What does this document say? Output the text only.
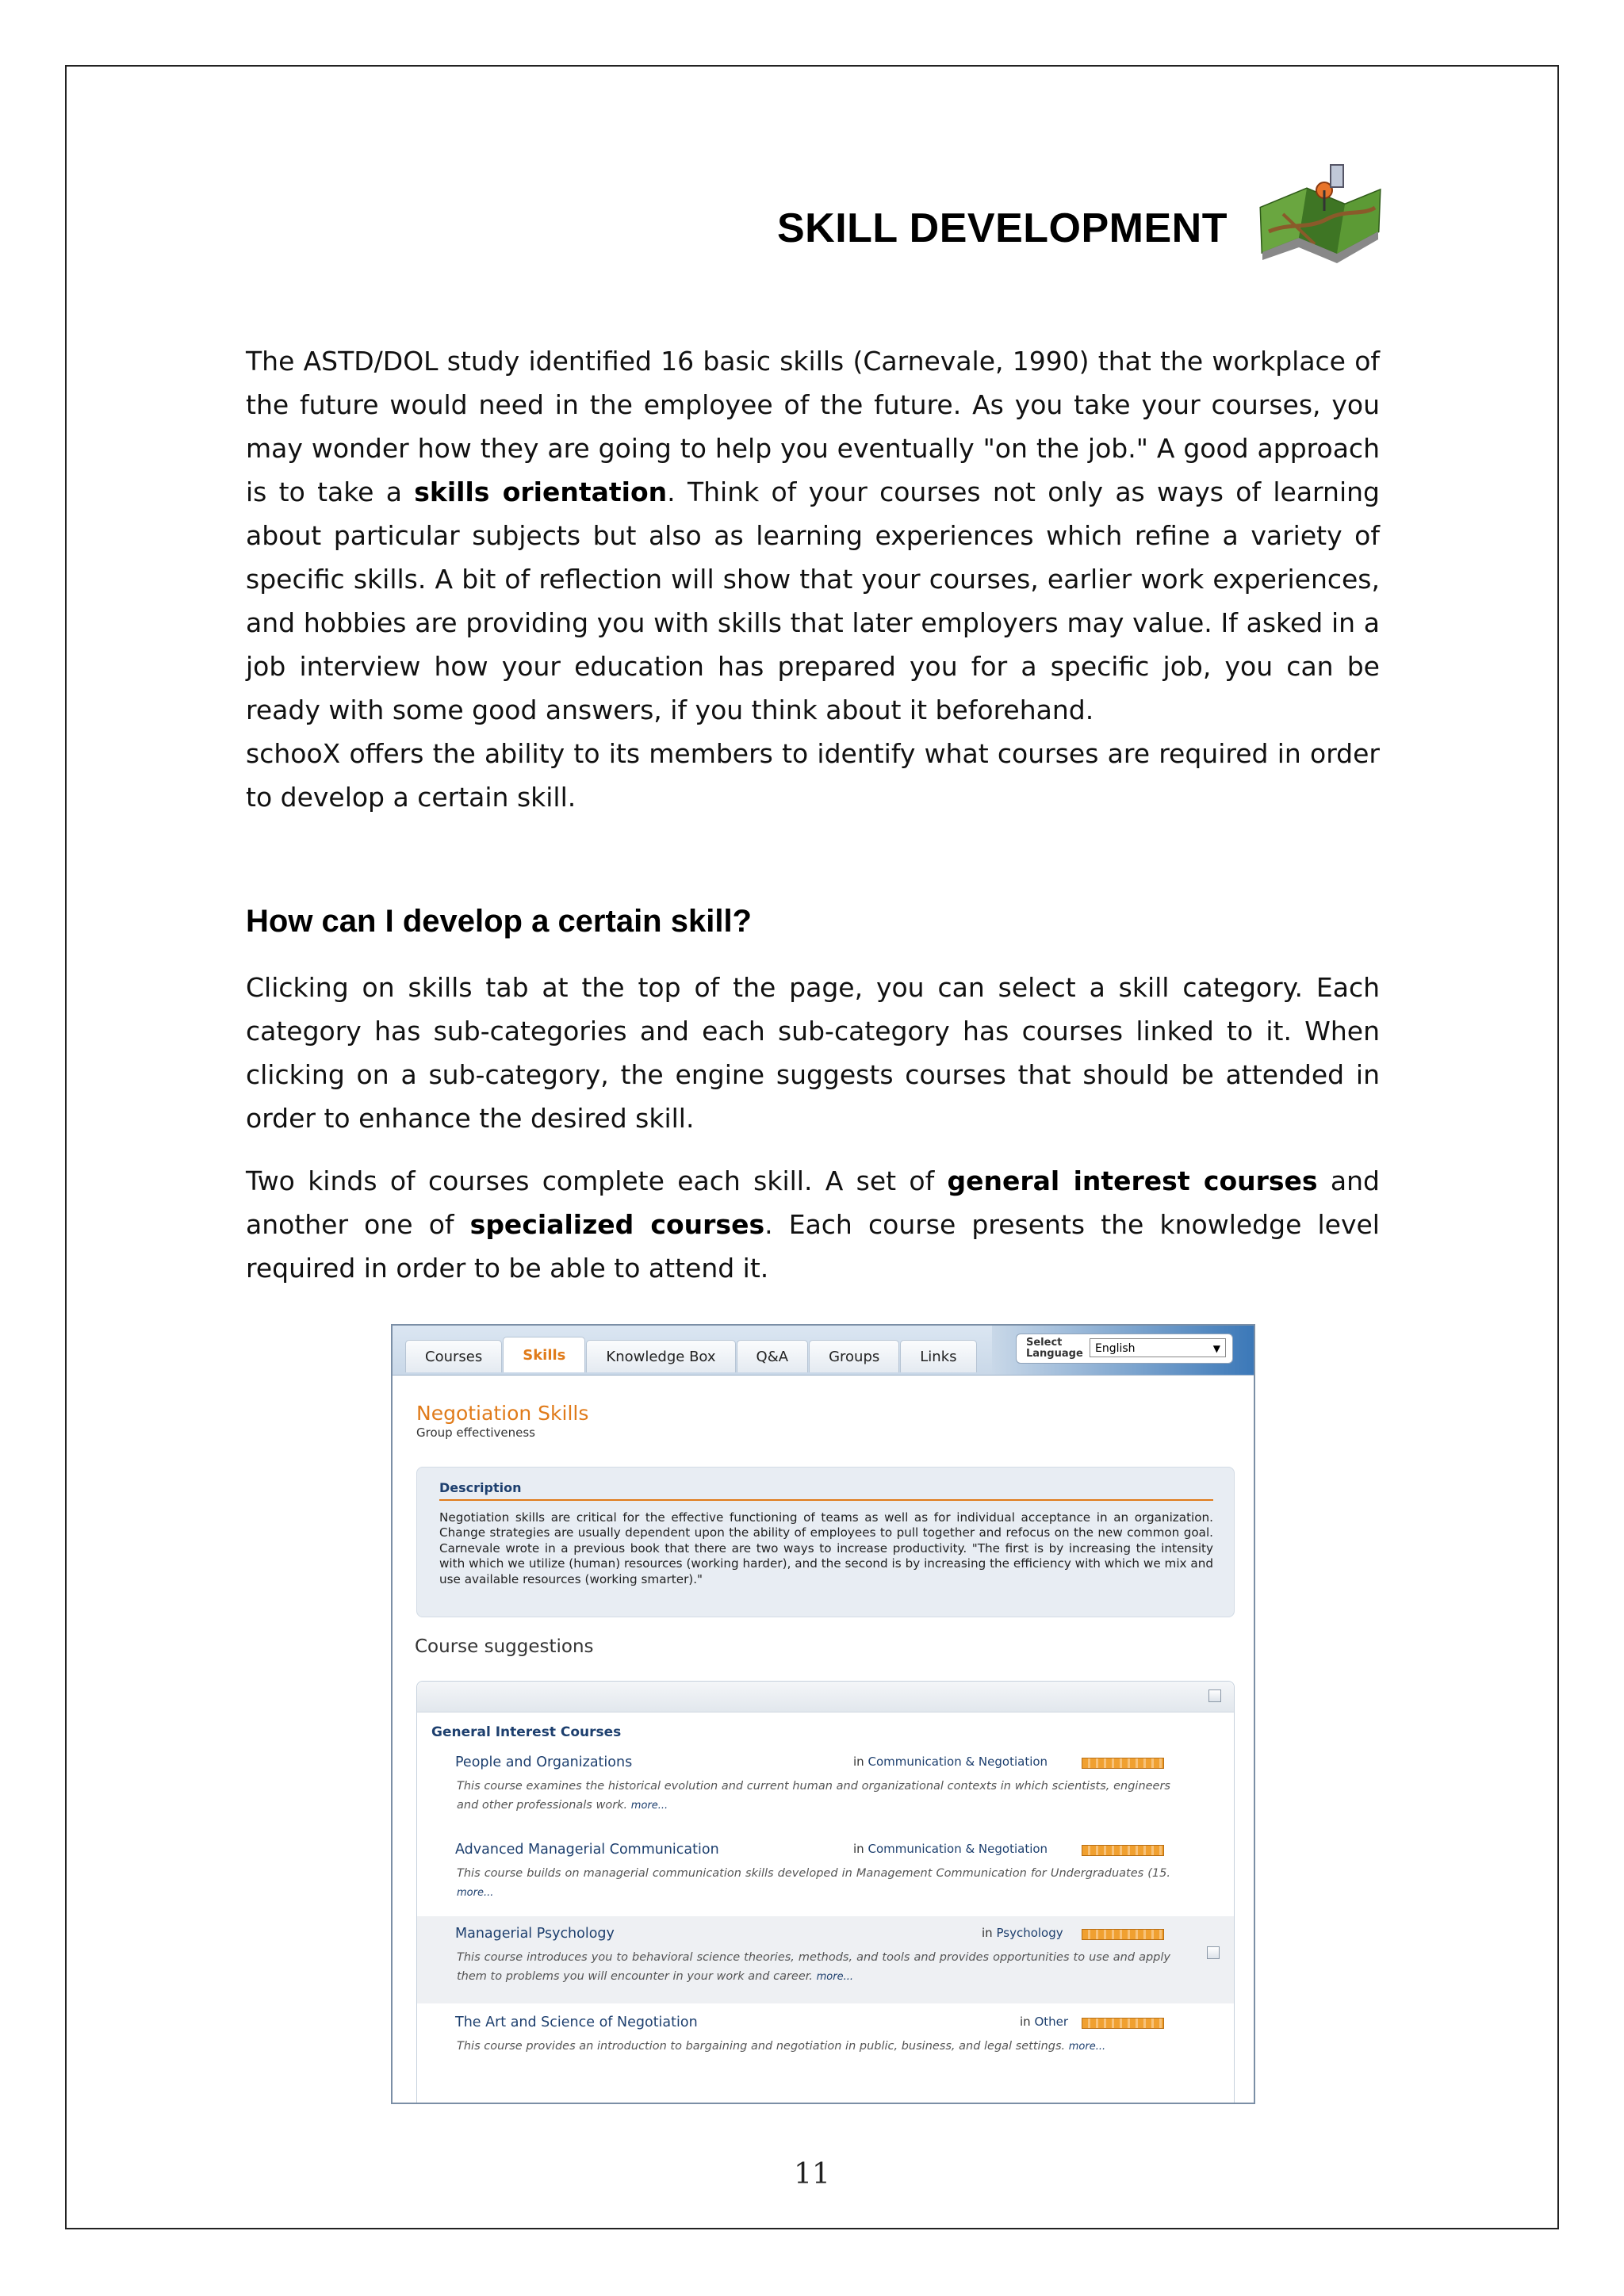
SKILL DEVELOPMENT

The ASTD/DOL study identified 16 basic skills (Carnevale, 1990) that the workplace of the future would need in the employee of the future. As you take your courses, you may wonder how they are going to help you eventually "on the job." A good approach is to take a skills orientation. Think of your courses not only as ways of learning about particular subjects but also as learning experiences which refine a variety of specific skills. A bit of reflection will show that your courses, earlier work experiences, and hobbies are providing you with skills that later employers may value. If asked in a job interview how your education has prepared you for a specific job, you can be ready with some good answers, if you think about it beforehand.

schooX offers the ability to its members to identify what courses are required in order to develop a certain skill.

How can I develop a certain skill?

Clicking on skills tab at the top of the page, you can select a skill category. Each category has sub-categories and each sub-category has courses linked to it. When clicking on a sub-category, the engine suggests courses that should be attended in order to enhance the desired skill.

Two kinds of courses complete each skill. A set of general interest courses and another one of specialized courses. Each course presents the knowledge level required in order to be able to attend it.

Courses	Skills	Knowledge Box	Q&A	Groups	Links
Select Language	English	▼
Negotiation Skills
Group effectiveness
Description
Negotiation skills are critical for the effective functioning of teams as well as for individual acceptance in an organization. Change strategies are usually dependent upon the ability of employees to pull together and refocus on the new common goal. Carnevale wrote in a previous book that there are two ways to increase productivity. "The first is by increasing the intensity with which we utilize (human) resources (working harder), and the second is by increasing the efficiency with which we mix and use available resources (working smarter)."
Course suggestions
General Interest Courses
People and Organizations	in Communication & Negotiation
This course examines the historical evolution and current human and organizational contexts in which scientists, engineers and other professionals work. more...
Advanced Managerial Communication	in Communication & Negotiation
This course builds on managerial communication skills developed in Management Communication for Undergraduates (15. more...
Managerial Psychology	in Psychology
This course introduces you to behavioral science theories, methods, and tools and provides opportunities to use and apply them to problems you will encounter in your work and career. more...
The Art and Science of Negotiation	in Other
This course provides an introduction to bargaining and negotiation in public, business, and legal settings. more...
11
